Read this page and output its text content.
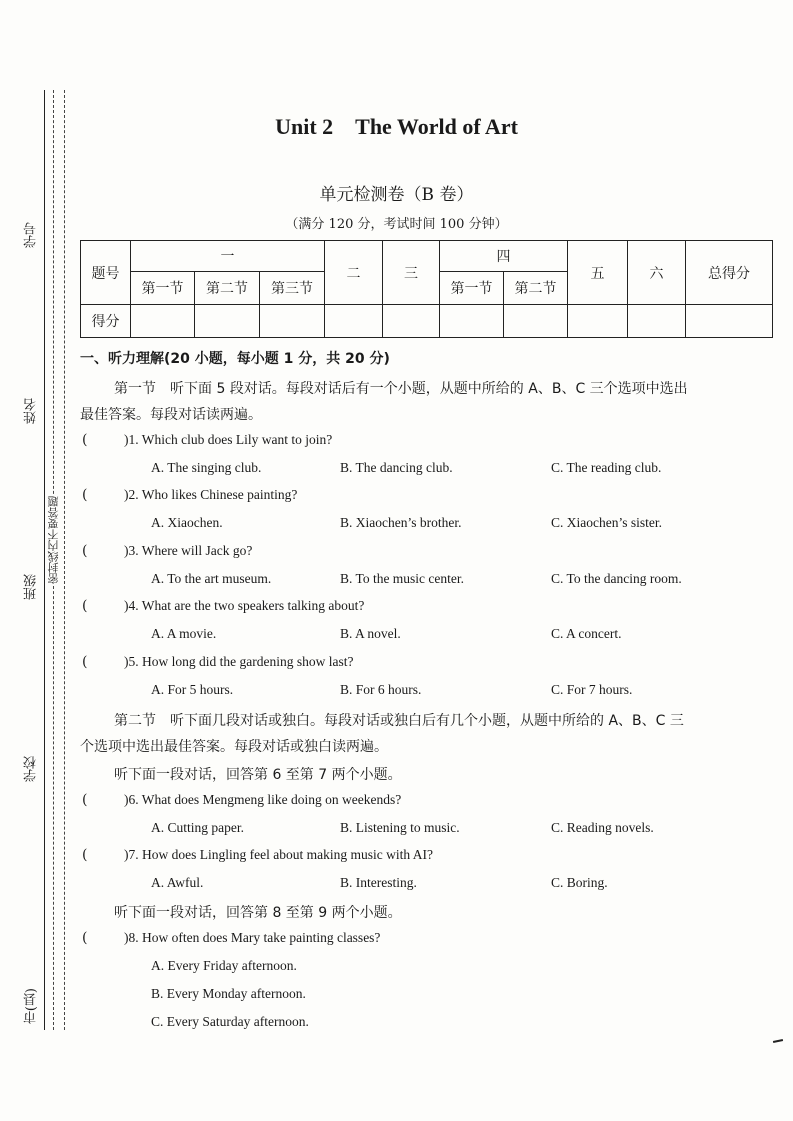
学号
姓名
班级
学校
市(县)
密封线内不要答题
Unit 2 The World of Art
单元检测卷（B 卷）
（满分 120 分，考试时间 100 分钟）
题号	一			二	三	四		五	六	总得分
	第一节	第二节	第三节			第一节	第二节			
得分										
一、听力理解(20 小题，每小题 1 分，共 20 分)
第一节　听下面 5 段对话。每段对话后有一个小题，从题中所给的 A、B、C 三个选项中选出
最佳答案。每段对话读两遍。
(	)1. Which club does Lily want to join?
A. The singing club.	B. The dancing club.	C. The reading club.
(	)2. Who likes Chinese painting?
A. Xiaochen.	B. Xiaochen’s brother.	C. Xiaochen’s sister.
(	)3. Where will Jack go?
A. To the art museum.	B. To the music center.	C. To the dancing room.
(	)4. What are the two speakers talking about?
A. A movie.	B. A novel.	C. A concert.
(	)5. How long did the gardening show last?
A. For 5 hours.	B. For 6 hours.	C. For 7 hours.
第二节　听下面几段对话或独白。每段对话或独白后有几个小题，从题中所给的 A、B、C 三
个选项中选出最佳答案。每段对话或独白读两遍。
听下面一段对话，回答第 6 至第 7 两个小题。
(	)6. What does Mengmeng like doing on weekends?
A. Cutting paper.	B. Listening to music.	C. Reading novels.
(	)7. How does Lingling feel about making music with AI?
A. Awful.	B. Interesting.	C. Boring.
听下面一段对话，回答第 8 至第 9 两个小题。
(	)8. How often does Mary take painting classes?
A. Every Friday afternoon.
B. Every Monday afternoon.
C. Every Saturday afternoon.
